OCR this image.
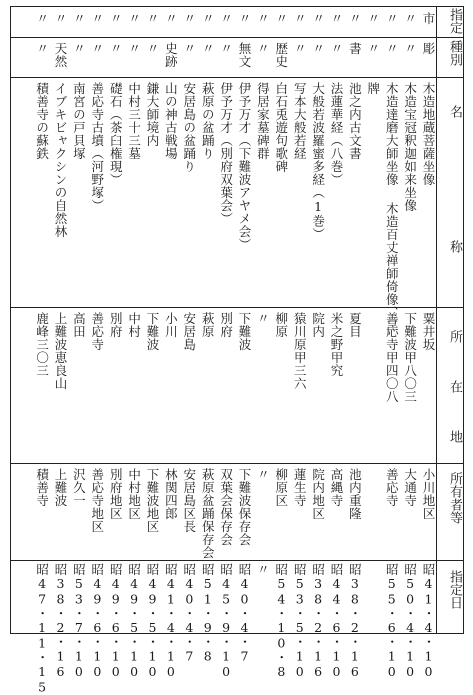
指定
種別
名
称
所
在
地
所有者等
指定日
市
彫
木造地蔵菩薩坐像
粟井坂
小川地区
昭41・4・10
〃
〃
木造宝冠釈迦如来坐像
下難波甲八〇三
大通寺
昭50・4・10
〃
〃
木造達磨大師坐像
善応寺甲四〇八
善応寺
昭55・6・10
木造百丈禅師倚像、三
〃
〃
牌
〃
書
池之内古文書
夏目
池内重隆
昭38・2・16
〃
〃
法蓮華経（八巻）
米之野甲究
高縄寺
昭44・6・10
〃
〃
大般若波羅蜜多経（1巻）
院内
院内地区
昭38・2・16
〃
〃
写本大般若経
猿川原甲三六
蓮生寺
昭53・5・10
〃
歴史
白石兎遊句歌碑
柳原
柳原区
昭54・10・8
〃
〃
得居家墓碑群
〃
〃
〃
〃
無文
伊予万才（下難波アヤメ会）
下難波
下難波保存会
昭40・4・7
〃
〃
伊予万才（別府双葉会）
別府
双葉会保存会
昭45・9・10
〃
〃
萩原の盆踊り
萩原
萩原盆踊保存会
昭51・9・8
〃
〃
安居島の盆踊り
安居島
安居島区長
昭40・4・7
〃
史跡
山の神古戦場
小川
林関四郎
昭41・4・10
〃
〃
鎌大師境内
下難波
下難波地区
昭49・5・10
〃
〃
中村三十三墓
中村
中村地区
昭49・5・10
〃
〃
礎石（茶臼権現）
別府
別府地区
昭49・6・10
〃
〃
善応寺古墳（河野塚）
善応寺
善応寺地区
昭49・6・10
〃
〃
南宮の戸貝塚
高田
沢久一
昭53・7・10
〃
天然
イブキビャクシンの自然林
上難波恵良山
上難波
昭38・2・16
〃
〃
積善寺の蘇鉄
鹿峰三〇三
積善寺
昭47・11・15
